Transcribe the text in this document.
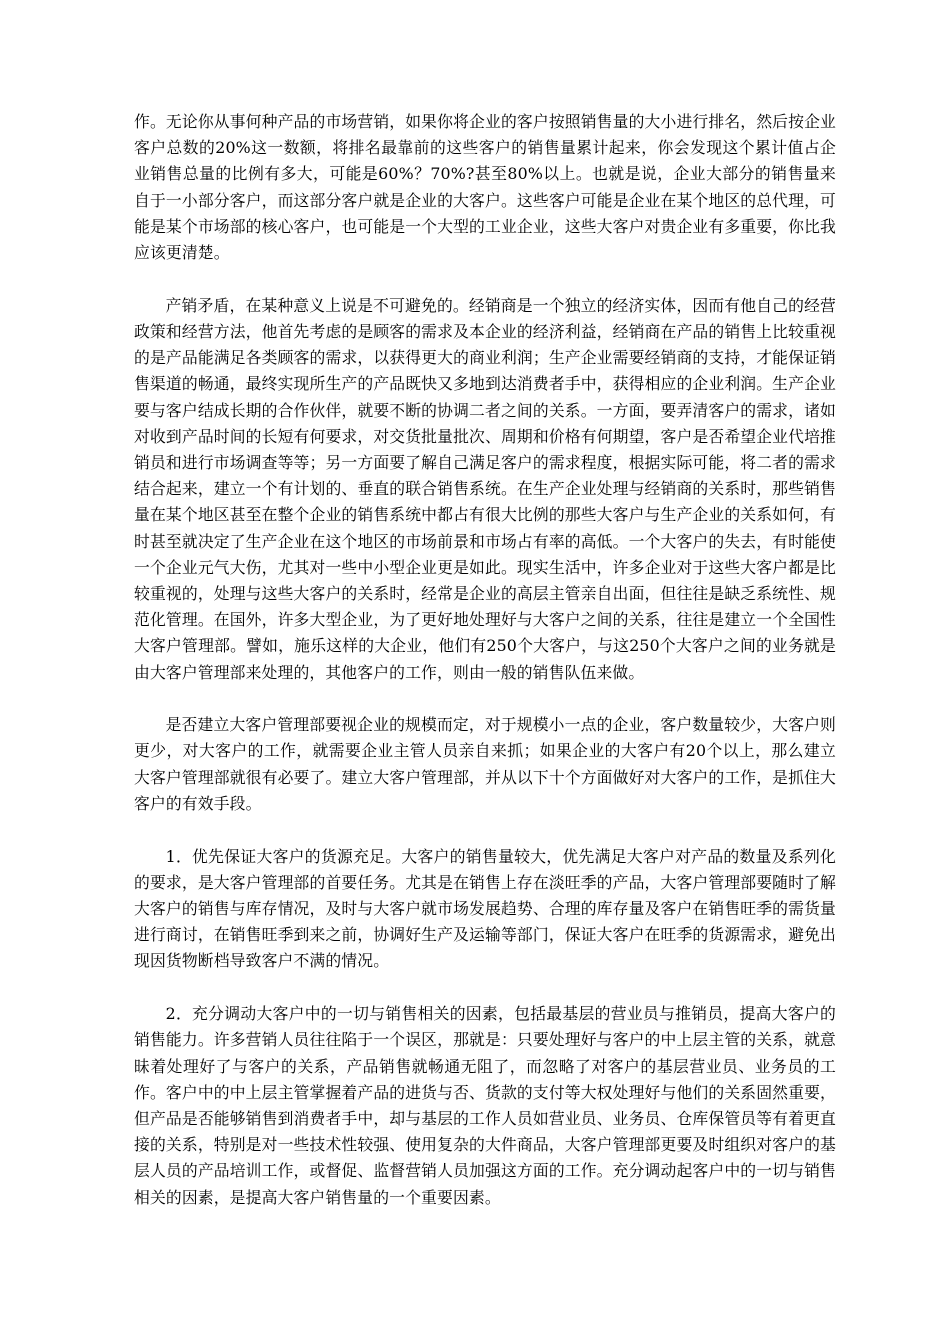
作。无论你从事何种产品的市场营销，如果你将企业的客户按照销售量的大小进行排名，然后按企业客户总数的20%这一数额，将排名最靠前的这些客户的销售量累计起来，你会发现这个累计值占企业销售总量的比例有多大，可能是60%？70%?甚至80%以上。也就是说，企业大部分的销售量来自于一小部分客户，而这部分客户就是企业的大客户。这些客户可能是企业在某个地区的总代理，可能是某个市场部的核心客户，也可能是一个大型的工业企业，这些大客户对贵企业有多重要，你比我应该更清楚。

产销矛盾，在某种意义上说是不可避免的。经销商是一个独立的经济实体，因而有他自己的经营政策和经营方法，他首先考虑的是顾客的需求及本企业的经济利益，经销商在产品的销售上比较重视的是产品能满足各类顾客的需求，以获得更大的商业利润；生产企业需要经销商的支持，才能保证销售渠道的畅通，最终实现所生产的产品既快又多地到达消费者手中，获得相应的企业利润。生产企业要与客户结成长期的合作伙伴，就要不断的协调二者之间的关系。一方面，要弄清客户的需求，诸如对收到产品时间的长短有何要求，对交货批量批次、周期和价格有何期望，客户是否希望企业代培推销员和进行市场调查等等；另一方面要了解自己满足客户的需求程度，根据实际可能，将二者的需求结合起来，建立一个有计划的、垂直的联合销售系统。在生产企业处理与经销商的关系时，那些销售量在某个地区甚至在整个企业的销售系统中都占有很大比例的那些大客户与生产企业的关系如何，有时甚至就决定了生产企业在这个地区的市场前景和市场占有率的高低。一个大客户的失去，有时能使一个企业元气大伤，尤其对一些中小型企业更是如此。现实生活中，许多企业对于这些大客户都是比较重视的，处理与这些大客户的关系时，经常是企业的高层主管亲自出面，但往往是缺乏系统性、规范化管理。在国外，许多大型企业，为了更好地处理好与大客户之间的关系，往往是建立一个全国性大客户管理部。譬如，施乐这样的大企业，他们有250个大客户，与这250个大客户之间的业务就是由大客户管理部来处理的，其他客户的工作，则由一般的销售队伍来做。

是否建立大客户管理部要视企业的规模而定，对于规模小一点的企业，客户数量较少，大客户则更少，对大客户的工作，就需要企业主管人员亲自来抓；如果企业的大客户有20个以上，那么建立大客户管理部就很有必要了。建立大客户管理部，并从以下十个方面做好对大客户的工作，是抓住大客户的有效手段。

1．优先保证大客户的货源充足。大客户的销售量较大，优先满足大客户对产品的数量及系列化的要求，是大客户管理部的首要任务。尤其是在销售上存在淡旺季的产品，大客户管理部要随时了解大客户的销售与库存情况，及时与大客户就市场发展趋势、合理的库存量及客户在销售旺季的需货量进行商讨，在销售旺季到来之前，协调好生产及运输等部门，保证大客户在旺季的货源需求，避免出现因货物断档导致客户不满的情况。

2．充分调动大客户中的一切与销售相关的因素，包括最基层的营业员与推销员，提高大客户的销售能力。许多营销人员往往陷于一个误区，那就是：只要处理好与客户的中上层主管的关系，就意昧着处理好了与客户的关系，产品销售就畅通无阻了，而忽略了对客户的基层营业员、业务员的工作。客户中的中上层主管掌握着产品的进货与否、货款的支付等大权处理好与他们的关系固然重要，但产品是否能够销售到消费者手中，却与基层的工作人员如营业员、业务员、仓库保管员等有着更直接的关系，特别是对一些技术性较强、使用复杂的大件商品，大客户管理部更要及时组织对客户的基层人员的产品培训工作，或督促、监督营销人员加强这方面的工作。充分调动起客户中的一切与销售相关的因素，是提高大客户销售量的一个重要因素。
